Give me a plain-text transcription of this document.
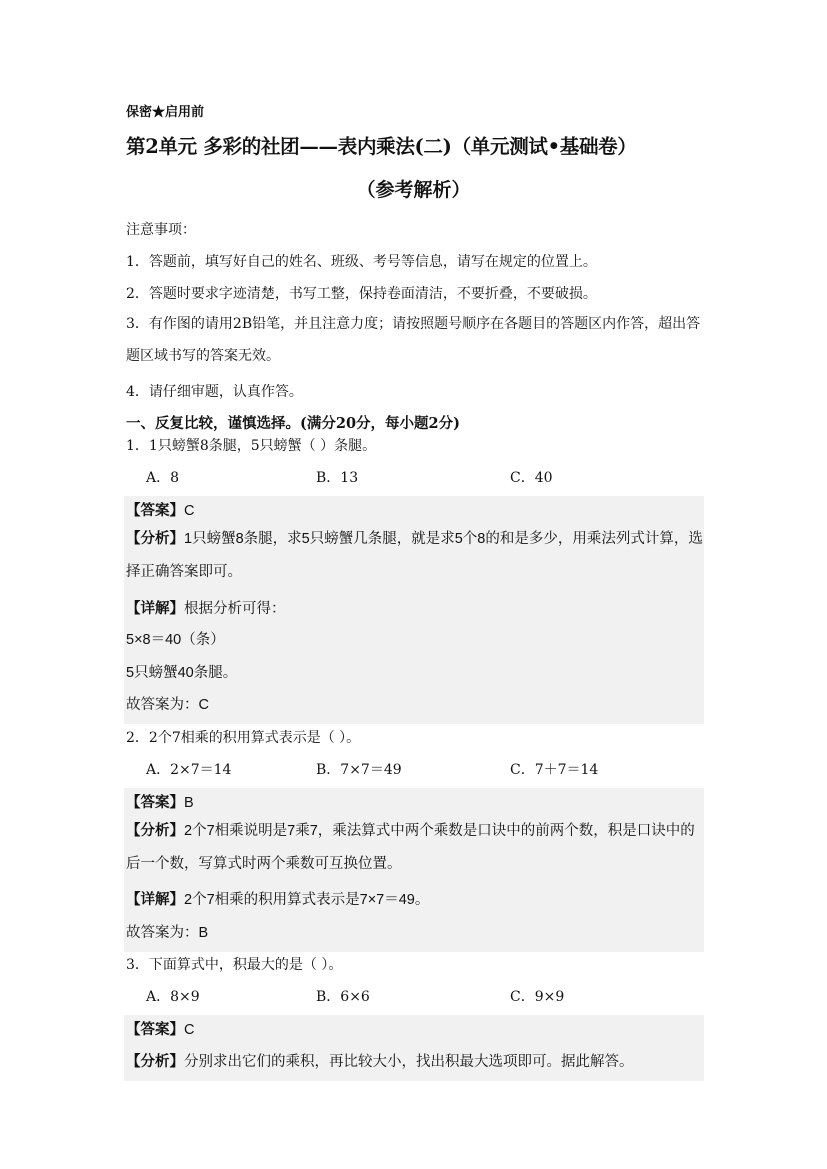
保密★启用前
第2单元 多彩的社团——表内乘法(二)（单元测试•基础卷）
（参考解析）
注意事项：
1．答题前，填写好自己的姓名、班级、考号等信息，请写在规定的位置上。
2．答题时要求字迹清楚，书写工整，保持卷面清洁，不要折叠，不要破损。
3．有作图的请用2B铅笔，并且注意力度；请按照题号顺序在各题目的答题区内作答，超出答题区域书写的答案无效。
4．请仔细审题，认真作答。
一、反复比较，谨慎选择。(满分20分，每小题2分)
1．1只螃蟹8条腿，5只螃蟹（ ）条腿。
A．8	B．13	C．40
【答案】C
【分析】1只螃蟹8条腿，求5只螃蟹几条腿，就是求5个8的和是多少，用乘法列式计算，选择正确答案即可。
【详解】根据分析可得：
5×8＝40（条）
5只螃蟹40条腿。
故答案为：C
2．2个7相乘的积用算式表示是（ ）。
A．2×7＝14	B．7×7＝49	C．7＋7＝14
【答案】B
【分析】2个7相乘说明是7乘7，乘法算式中两个乘数是口诀中的前两个数，积是口诀中的后一个数，写算式时两个乘数可互换位置。
【详解】2个7相乘的积用算式表示是7×7＝49。
故答案为：B
3．下面算式中，积最大的是（ ）。
A．8×9	B．6×6	C．9×9
【答案】C
【分析】分别求出它们的乘积，再比较大小，找出积最大选项即可。据此解答。
